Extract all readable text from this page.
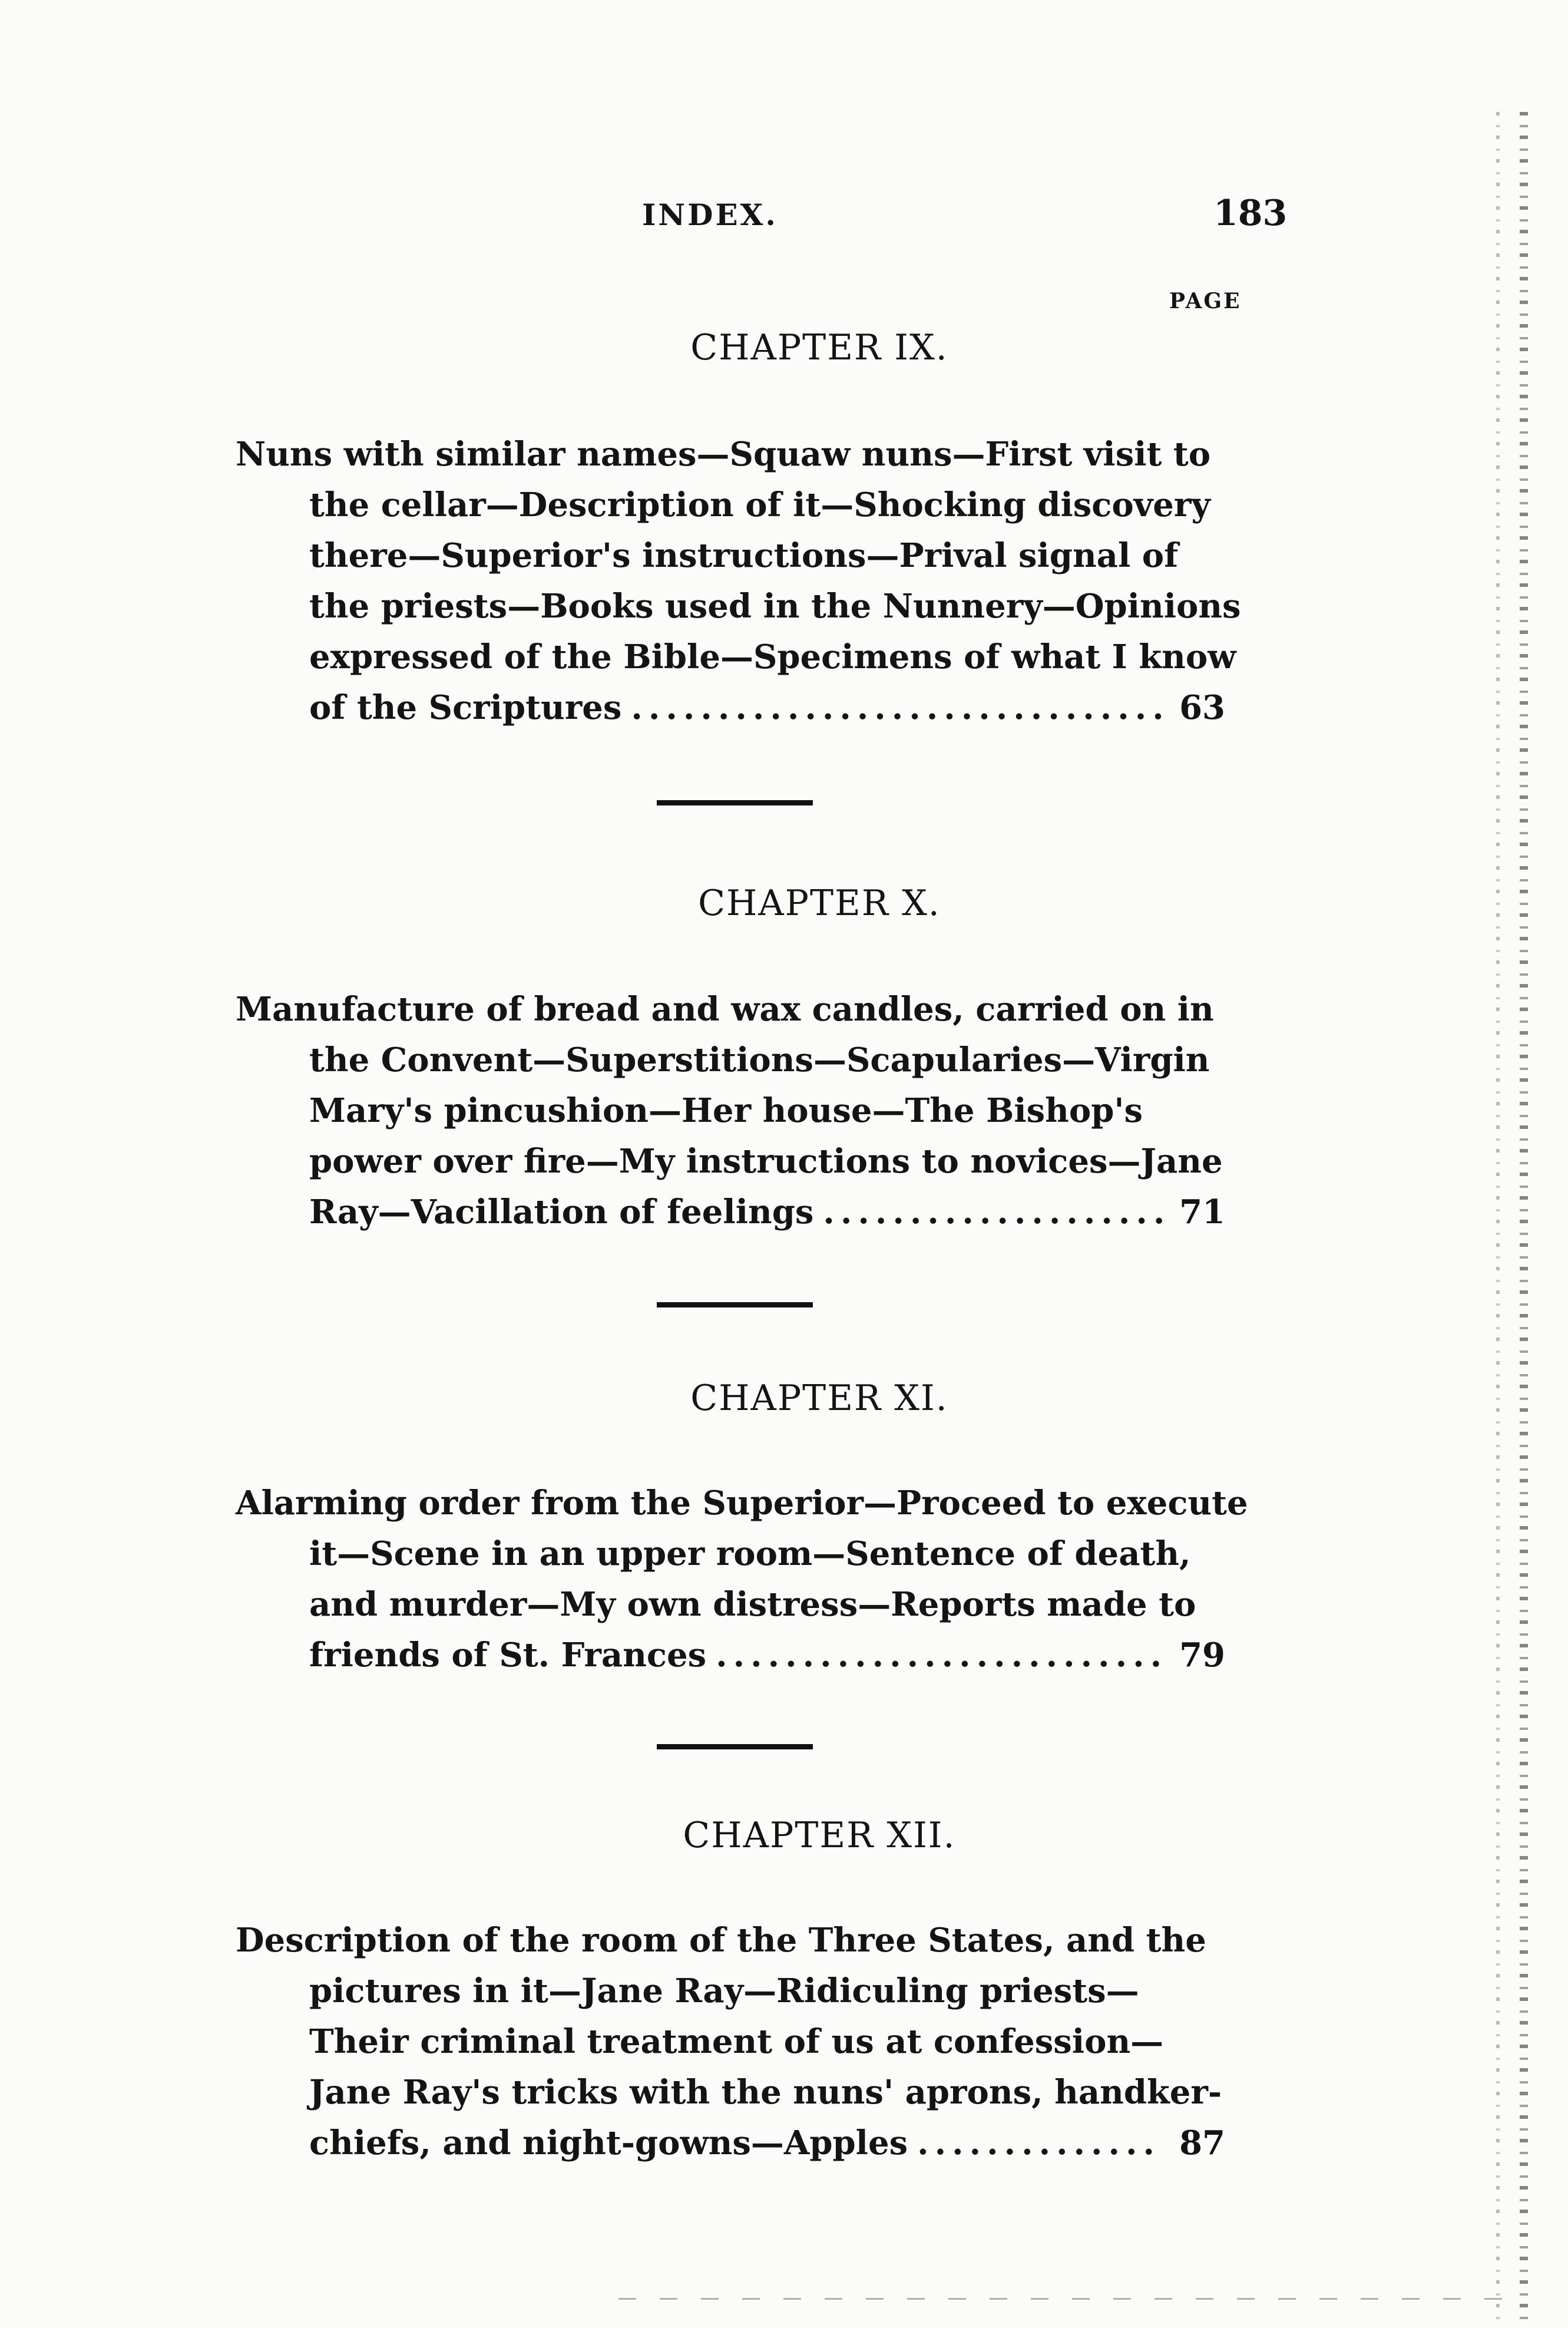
INDEX.	183
PAGE
CHAPTER IX.
Nuns with similar names—Squaw nuns—First visit to
the cellar—Description of it—Shocking discovery
there—Superior's instructions—Prival signal of
the priests—Books used in the Nunnery—Opinions
expressed of the Bible—Specimens of what I know
of the Scriptures .....	63
CHAPTER X.
Manufacture of bread and wax candles, carried on in
the Convent—Superstitions—Scapularies—Virgin
Mary's pincushion—Her house—The Bishop's
power over fire—My instructions to novices—Jane
Ray—Vacillation of feelings .....	71
CHAPTER XI.
Alarming order from the Superior—Proceed to execute
it—Scene in an upper room—Sentence of death,
and murder—My own distress—Reports made to
friends of St. Frances .....	79
CHAPTER XII.
Description of the room of the Three States, and the
pictures in it—Jane Ray—Ridiculing priests—
Their criminal treatment of us at confession—
Jane Ray's tricks with the nuns' aprons, handker-
chiefs, and night-gowns—Apples .....	87
